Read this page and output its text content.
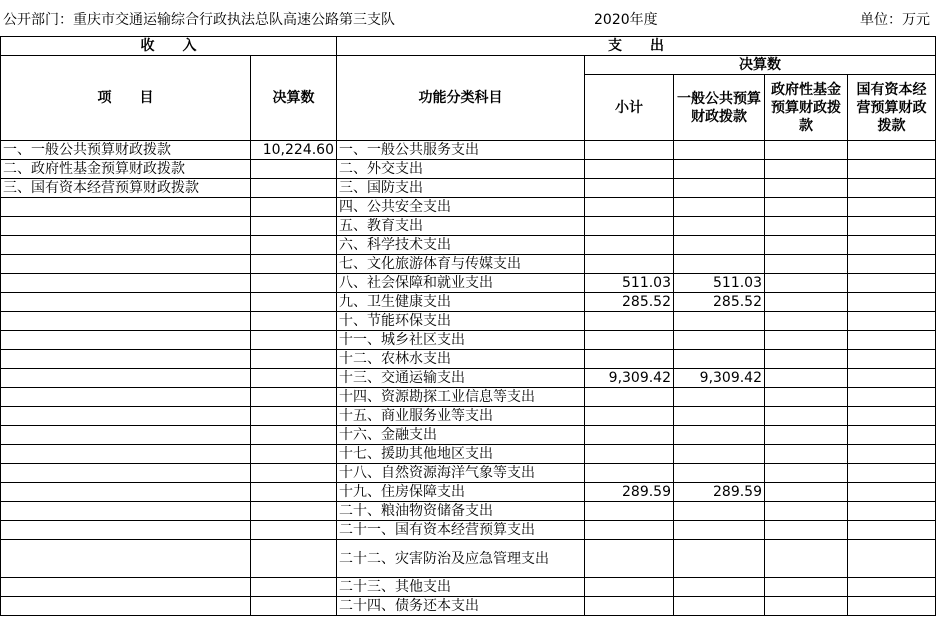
公开部门：重庆市交通运输综合行政执法总队高速公路第三支队	2020年度	单位：万元
收　　入		支　　出				
项　　目	决算数	功能分类科目	决算数			
			小计	一般公共预算财政拨款	政府性基金预算财政拨款	国有资本经营预算财政拨款
一、一般公共预算财政拨款	10,224.60	一、一般公共服务支出				
二、政府性基金预算财政拨款		二、外交支出				
三、国有资本经营预算财政拨款		三、国防支出				
		四、公共安全支出				
		五、教育支出				
		六、科学技术支出				
		七、文化旅游体育与传媒支出				
		八、社会保障和就业支出	511.03	511.03		
		九、卫生健康支出	285.52	285.52		
		十、节能环保支出				
		十一、城乡社区支出				
		十二、农林水支出				
		十三、交通运输支出	9,309.42	9,309.42		
		十四、资源勘探工业信息等支出				
		十五、商业服务业等支出				
		十六、金融支出				
		十七、援助其他地区支出				
		十八、自然资源海洋气象等支出				
		十九、住房保障支出	289.59	289.59		
		二十、粮油物资储备支出				
		二十一、国有资本经营预算支出				
		二十二、灾害防治及应急管理支出				
		二十三、其他支出				
		二十四、债务还本支出				
